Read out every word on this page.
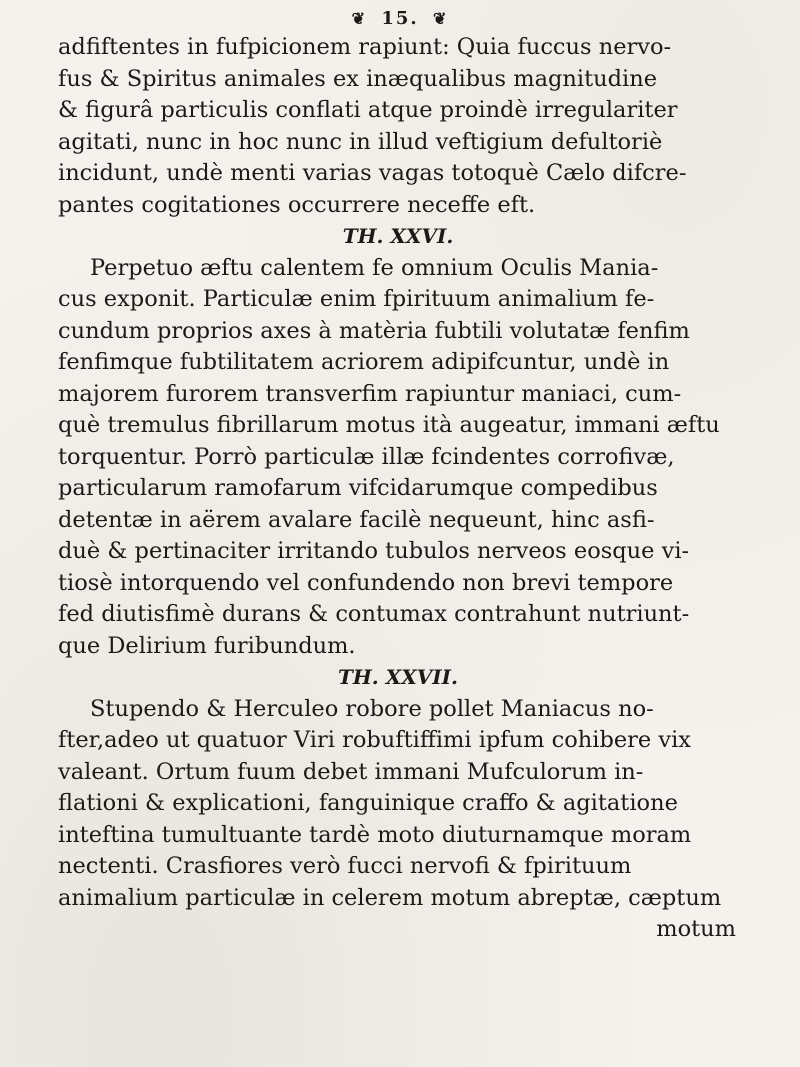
❦ 15. ❦
adfiftentes in fufpicionem rapiunt: Quia fuccus nervo-
fus & Spiritus animales ex inæqualibus magnitudine
& figurâ particulis conflati atque proindè irregulariter
agitati, nunc in hoc nunc in illud veftigium defultoriè
incidunt, undè menti varias vagas totoquè Cælo difcre-
pantes cogitationes occurrere neceffe eft.
TH. XXVI.
Perpetuo æftu calentem fe omnium Oculis Mania-
cus exponit. Particulæ enim fpirituum animalium fe-
cundum proprios axes à matèria fubtili volutatæ fenfim
fenfimque fubtilitatem acriorem adipifcuntur, undè in
majorem furorem transverfim rapiuntur maniaci, cum-
què tremulus fibrillarum motus ità augeatur, immani æftu
torquentur. Porrò particulæ illæ fcindentes corrofivæ,
particularum ramofarum vifcidarumque compedibus
detentæ in aërem avalare facilè nequeunt, hinc asfi-
duè & pertinaciter irritando tubulos nerveos eosque vi-
tiosè intorquendo vel confundendo non brevi tempore
fed diutisfimè durans & contumax contrahunt nutriunt-
que Delirium furibundum.
TH. XXVII.
Stupendo & Herculeo robore pollet Maniacus no-
fter,adeo ut quatuor Viri robuftiffimi ipfum cohibere vix
valeant. Ortum fuum debet immani Mufculorum in-
flationi & explicationi, fanguinique craffo & agitatione
inteftina tumultuante tardè moto diuturnamque moram
nectenti. Crasfiores verò fucci nervofi & fpirituum
animalium particulæ in celerem motum abreptæ, cæptum
motum
